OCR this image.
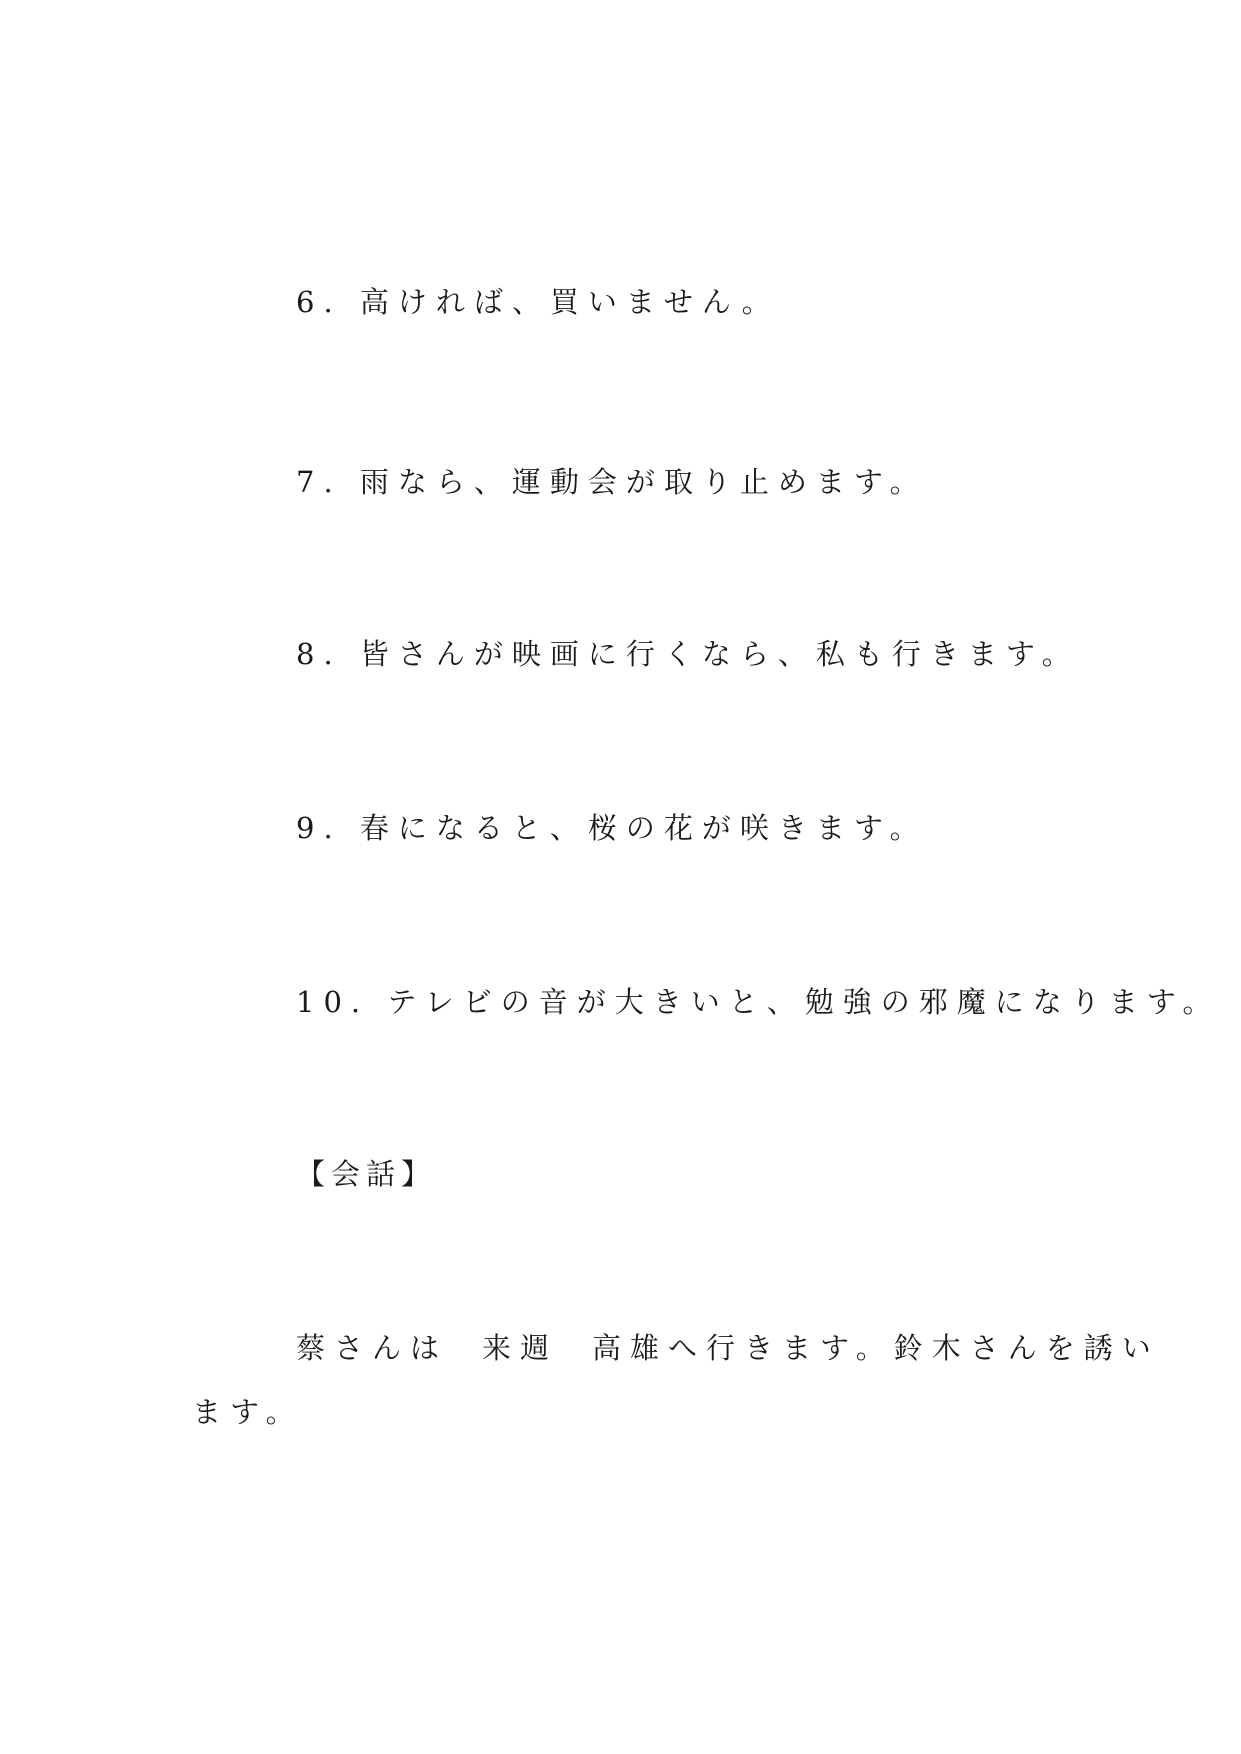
6. 高ければ、買いません。
7. 雨なら、運動会が取り止めます。
8. 皆さんが映画に行くなら、私も行きます。
9. 春になると、桜の花が咲きます。
10. テレビの音が大きいと、勉強の邪魔になります。
【会話】
蔡さんは 来週 高雄へ行きます。鈴木さんを誘い
ます。
